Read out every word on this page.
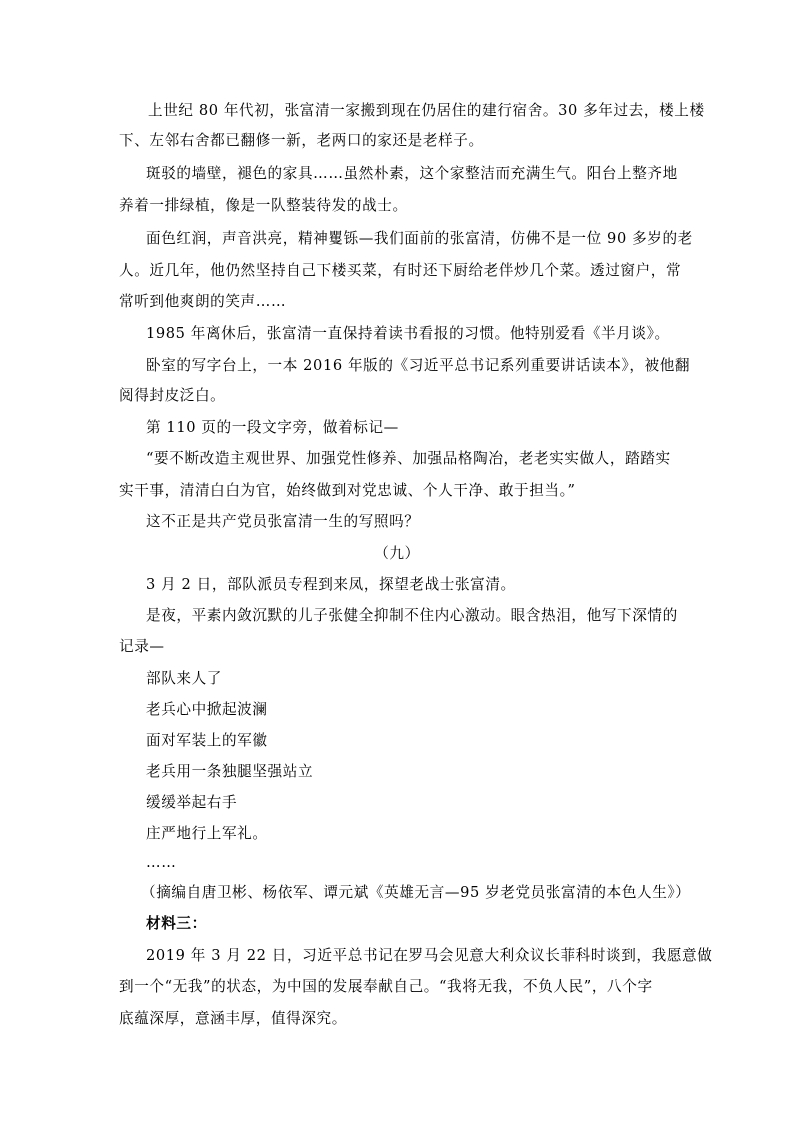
上世纪 80 年代初，张富清一家搬到现在仍居住的建行宿舍。30 多年过去，楼上楼
下、左邻右舍都已翻修一新，老两口的家还是老样子。
斑驳的墙壁，褪色的家具……虽然朴素，这个家整洁而充满生气。阳台上整齐地
养着一排绿植，像是一队整装待发的战士。
面色红润，声音洪亮，精神矍铄—我们面前的张富清，仿佛不是一位 90 多岁的老
人。近几年，他仍然坚持自己下楼买菜，有时还下厨给老伴炒几个菜。透过窗户，常
常听到他爽朗的笑声……
1985 年离休后，张富清一直保持着读书看报的习惯。他特别爱看《半月谈》。
卧室的写字台上，一本 2016 年版的《习近平总书记系列重要讲话读本》，被他翻
阅得封皮泛白。
第 110 页的一段文字旁，做着标记—
“要不断改造主观世界、加强党性修养、加强品格陶冶，老老实实做人，踏踏实
实干事，清清白白为官，始终做到对党忠诚、个人干净、敢于担当。”
这不正是共产党员张富清一生的写照吗？
（九）
3 月 2 日，部队派员专程到来凤，探望老战士张富清。
是夜，平素内敛沉默的儿子张健全抑制不住内心激动。眼含热泪，他写下深情的
记录—
部队来人了
老兵心中掀起波澜
面对军装上的军徽
老兵用一条独腿坚强站立
缓缓举起右手
庄严地行上军礼。
……
（摘编自唐卫彬、杨依军、谭元斌《英雄无言—95 岁老党员张富清的本色人生》）
材料三：
2019 年 3 月 22 日，习近平总书记在罗马会见意大利众议长菲科时谈到，我愿意做
到一个“无我”的状态，为中国的发展奉献自己。“我将无我，不负人民”，八个字
底蕴深厚，意涵丰厚，值得深究。
